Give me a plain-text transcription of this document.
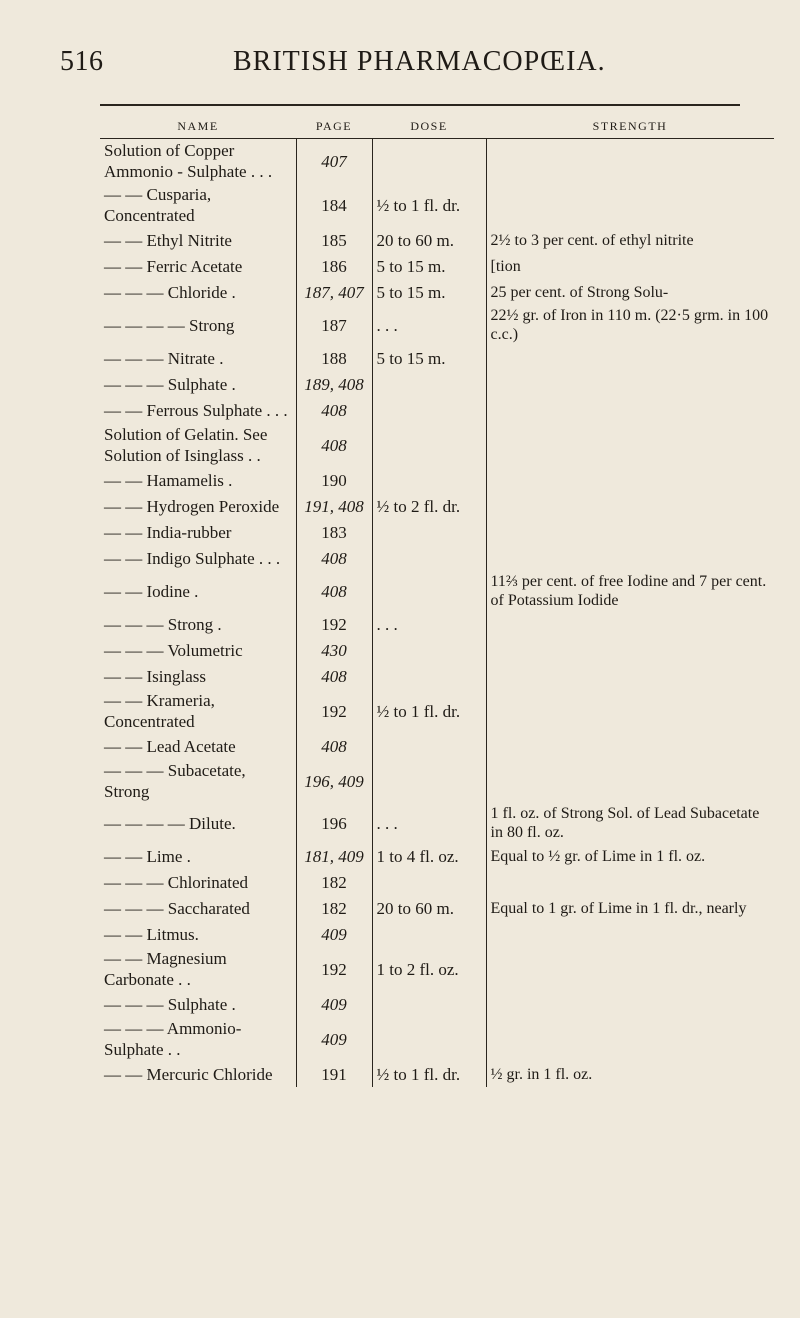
516	BRITISH PHARMACOPŒIA.
NAME	PAGE	DOSE	STRENGTH
Solution of Copper Ammonio - Sulphate . . .	407		
— — Cusparia, Concentrated	184	½ to 1 fl. dr.	
— — Ethyl Nitrite	185	20 to 60 m.	2½ to 3 per cent. of ethyl nitrite
— — Ferric Acetate	186	5 to 15 m.	[tion
— — — Chloride .	187, 407	5 to 15 m.	25 per cent. of Strong Solu-
— — — — Strong	187	. . .	22½ gr. of Iron in 110 m. (22·5 grm. in 100 c.c.)
— — — Nitrate .	188	5 to 15 m.	
— — — Sulphate .	189, 408		
— — Ferrous Sulphate . . .	408		
Solution of Gelatin. See Solution of Isinglass . .	408		
— — Hamamelis .	190		
— — Hydrogen Peroxide	191, 408	½ to 2 fl. dr.	
— — India-rubber	183		
— — Indigo Sulphate . . .	408		
— — Iodine .	408		11⅔ per cent. of free Iodine and 7 per cent. of Potassium Iodide
— — — Strong .	192	. . .	
— — — Volumetric	430		
— — Isinglass	408		
— — Krameria, Concentrated	192	½ to 1 fl. dr.	
— — Lead Acetate	408		
— — — Subacetate, Strong	196, 409		
— — — — Dilute.	196	. . .	1 fl. oz. of Strong Sol. of Lead Subacetate in 80 fl. oz.
— — Lime .	181, 409	1 to 4 fl. oz.	Equal to ½ gr. of Lime in 1 fl. oz.
— — — Chlorinated	182		
— — — Saccharated	182	20 to 60 m.	Equal to 1 gr. of Lime in 1 fl. dr., nearly
— — Litmus.	409		
— — Magnesium Carbonate . .	192	1 to 2 fl. oz.	
— — — Sulphate .	409		
— — — Ammonio-Sulphate . .	409		
— — Mercuric Chloride	191	½ to 1 fl. dr.	½ gr. in 1 fl. oz.
